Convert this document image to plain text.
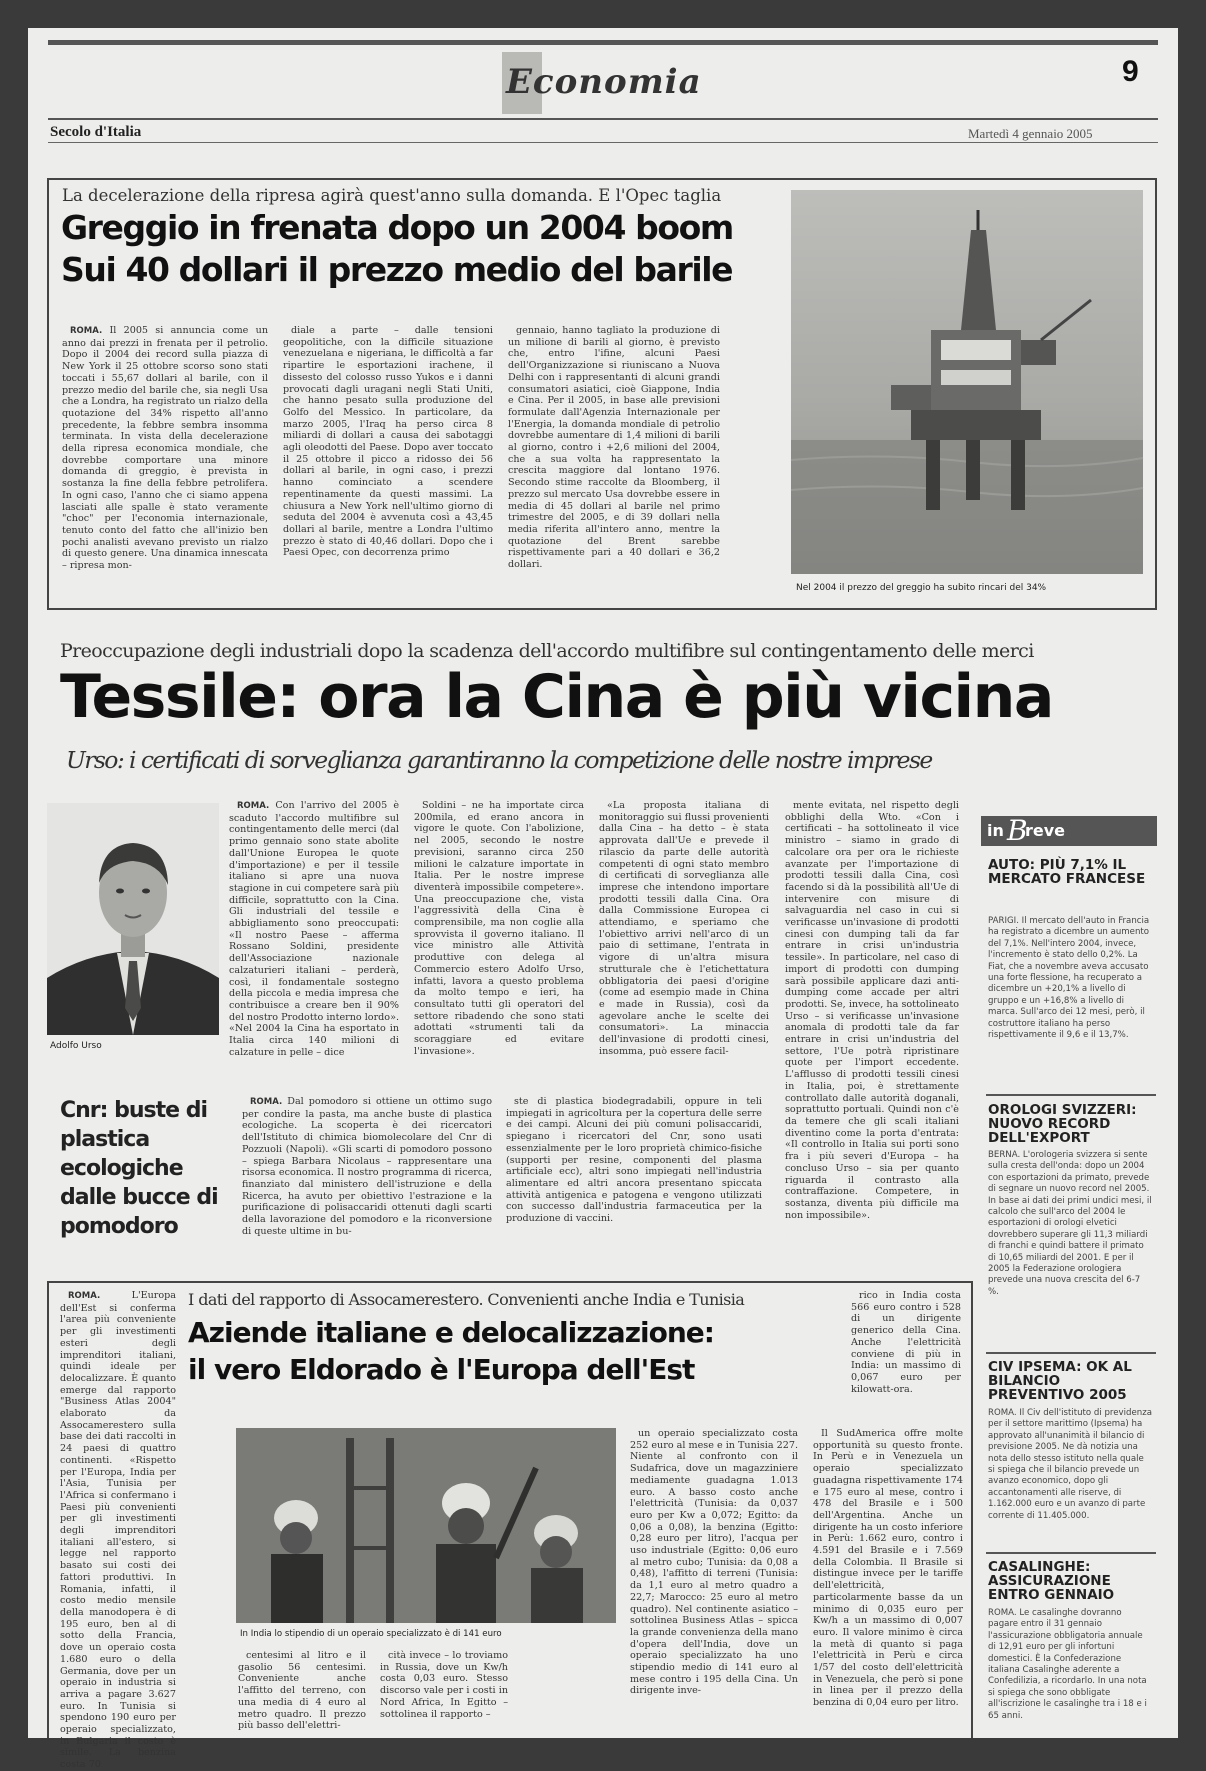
Economia	9
Secolo d'Italia	Martedì 4 gennaio 2005
La decelerazione della ripresa agirà quest'anno sulla domanda. E l'Opec taglia
Greggio in frenata dopo un 2004 boom
Sui 40 dollari il prezzo medio del barile

ROMA. Il 2005 si annuncia come un anno dai prezzi in frenata per il petrolio. Dopo il 2004 dei record sulla piazza di New York il 25 ottobre scorso sono stati toccati i 55,67 dollari al barile, con il prezzo medio del barile che, sia negli Usa che a Londra, ha registrato un rialzo della quotazione del 34% rispetto all'anno precedente, la febbre sembra insomma terminata. In vista della decelerazione della ripresa economica mondiale, che dovrebbe comportare una minore domanda di greggio, è prevista in sostanza la fine della febbre petrolifera. In ogni caso, l'anno che ci siamo appena lasciati alle spalle è stato veramente "choc" per l'economia internazionale, tenuto conto del fatto che all'inizio ben pochi analisti avevano previsto un rialzo di questo genere. Una dinamica innescata – ripresa mon-

diale a parte – dalle tensioni geopolitiche, con la difficile situazione venezuelana e nigeriana, le difficoltà a far ripartire le esportazioni irachene, il dissesto del colosso russo Yukos e i danni provocati dagli uragani negli Stati Uniti, che hanno pesato sulla produzione del Golfo del Messico. In particolare, da marzo 2005, l'Iraq ha perso circa 8 miliardi di dollari a causa dei sabotaggi agli oleodotti del Paese. Dopo aver toccato il 25 ottobre il picco a ridosso dei 56 dollari al barile, in ogni caso, i prezzi hanno cominciato a scendere repentinamente da questi massimi. La chiusura a New York nell'ultimo giorno di seduta del 2004 è avvenuta così a 43,45 dollari al barile, mentre a Londra l'ultimo prezzo è stato di 40,46 dollari. Dopo che i Paesi Opec, con decorrenza primo

gennaio, hanno tagliato la produzione di un milione di barili al giorno, è previsto che, entro l'ifine, alcuni Paesi dell'Organizzazione si riuniscano a Nuova Delhi con i rappresentanti di alcuni grandi consumatori asiatici, cioè Giappone, India e Cina. Per il 2005, in base alle previsioni formulate dall'Agenzia Internazionale per l'Energia, la domanda mondiale di petrolio dovrebbe aumentare di 1,4 milioni di barili al giorno, contro i +2,6 milioni del 2004, che a sua volta ha rappresentato la crescita maggiore dal lontano 1976. Secondo stime raccolte da Bloomberg, il prezzo sul mercato Usa dovrebbe essere in media di 45 dollari al barile nel primo trimestre del 2005, e di 39 dollari nella media riferita all'intero anno, mentre la quotazione del Brent sarebbe rispettivamente pari a 40 dollari e 36,2 dollari.

Nel 2004 il prezzo del greggio ha subito rincari del 34%
Preoccupazione degli industriali dopo la scadenza dell'accordo multifibre sul contingentamento delle merci
Tessile: ora la Cina è più vicina
Urso: i certificati di sorveglianza garantiranno la competizione delle nostre imprese
Adolfo Urso

ROMA. Con l'arrivo del 2005 è scaduto l'accordo multifibre sul contingentamento delle merci (dal primo gennaio sono state abolite dall'Unione Europea le quote d'importazione) e per il tessile italiano si apre una nuova stagione in cui competere sarà più difficile, soprattutto con la Cina. Gli industriali del tessile e abbigliamento sono preoccupati: «Il nostro Paese – afferma Rossano Soldini, presidente dell'Associazione nazionale calzaturieri italiani – perderà, così, il fondamentale sostegno della piccola e media impresa che contribuisce a creare ben il 90% del nostro Prodotto interno lordo». «Nel 2004 la Cina ha esportato in Italia circa 140 milioni di calzature in pelle – dice

Soldini – ne ha importate circa 200mila, ed erano ancora in vigore le quote. Con l'abolizione, nel 2005, secondo le nostre previsioni, saranno circa 250 milioni le calzature importate in Italia. Per le nostre imprese diventerà impossibile competere». Una preoccupazione che, vista l'aggressività della Cina è comprensibile, ma non coglie alla sprovvista il governo italiano. Il vice ministro alle Attività produttive con delega al Commercio estero Adolfo Urso, infatti, lavora a questo problema da molto tempo e ieri, ha consultato tutti gli operatori del settore ribadendo che sono stati adottati «strumenti tali da scoraggiare ed evitare l'invasione».

«La proposta italiana di monitoraggio sui flussi provenienti dalla Cina – ha detto – è stata approvata dall'Ue e prevede il rilascio da parte delle autorità competenti di ogni stato membro di certificati di sorveglianza alle imprese che intendono importare prodotti tessili dalla Cina. Ora dalla Commissione Europea ci attendiamo, e speriamo che l'obiettivo arrivi nell'arco di un paio di settimane, l'entrata in vigore di un'altra misura strutturale che è l'etichettatura obbligatoria dei paesi d'origine (come ad esempio made in China e made in Russia), così da agevolare anche le scelte dei consumatori». La minaccia dell'invasione di prodotti cinesi, insomma, può essere facil-

mente evitata, nel rispetto degli obblighi della Wto. «Con i certificati – ha sottolineato il vice ministro – siamo in grado di calcolare ora per ora le richieste avanzate per l'importazione di prodotti tessili dalla Cina, così facendo si dà la possibilità all'Ue di intervenire con misure di salvaguardia nel caso in cui si verificasse un'invasione di prodotti cinesi con dumping tali da far entrare in crisi un'industria tessile». In particolare, nel caso di import di prodotti con dumping sarà possibile applicare dazi anti-dumping come accade per altri prodotti. Se, invece, ha sottolineato Urso – si verificasse un'invasione anomala di prodotti tale da far entrare in crisi un'industria del settore, l'Ue potrà ripristinare quote per l'import eccedente. L'afflusso di prodotti tessili cinesi in Italia, poi, è strettamente controllato dalle autorità doganali, soprattutto portuali. Quindi non c'è da temere che gli scali italiani diventino come la porta d'entrata: «Il controllo in Italia sui porti sono fra i più severi d'Europa – ha concluso Urso – sia per quanto riguarda il contrasto alla contraffazione. Competere, in sostanza, diventa più difficile ma non impossibile».

Cnr: buste di plastica ecologiche dalle bucce di pomodoro

ROMA. Dal pomodoro si ottiene un ottimo sugo per condire la pasta, ma anche buste di plastica ecologiche. La scoperta è dei ricercatori dell'Istituto di chimica biomolecolare del Cnr di Pozzuoli (Napoli). «Gli scarti di pomodoro possono – spiega Barbara Nicolaus – rappresentare una risorsa economica. Il nostro programma di ricerca, finanziato dal ministero dell'istruzione e della Ricerca, ha avuto per obiettivo l'estrazione e la purificazione di polisaccaridi ottenuti dagli scarti della lavorazione del pomodoro e la riconversione di queste ultime in bu-

ste di plastica biodegradabili, oppure in teli impiegati in agricoltura per la copertura delle serre e dei campi. Alcuni dei più comuni polisaccaridi, spiegano i ricercatori del Cnr, sono usati essenzialmente per le loro proprietà chimico-fisiche (supporti per resine, componenti del plasma artificiale ecc), altri sono impiegati nell'industria alimentare ed altri ancora presentano spiccata attività antigenica e patogena e vengono utilizzati con successo dall'industria farmaceutica per la produzione di vaccini.

ROMA.	L'Europa dell'Est si conferma l'area più conveniente per gli investimenti esteri degli imprenditori italiani, quindi ideale per delocalizzare. È quanto emerge dal rapporto "Business Atlas 2004" elaborato da Assocamerestero sulla base dei dati raccolti in 24 paesi di quattro continenti. «Rispetto per l'Europa, India per l'Asia, Tunisia per l'Africa si confermano i Paesi più convenienti per gli investimenti degli imprenditori italiani all'estero, si legge nel rapporto basato sui costi dei fattori produttivi. In Romania, infatti, il costo medio mensile della manodopera è di 195 euro, ben al di sotto della Francia, dove un operaio costa 1.680 euro o della Germania, dove per un operaio in industria si arriva a pagare 3.627 euro. In Tunisia si spendono 190 euro per operaio specializzato, in Bulgaria il costo è simile. La benzina costa 70

I dati del rapporto di Assocamerestero. Convenienti anche India e Tunisia
Aziende italiane e delocalizzazione:
il vero Eldorado è l'Europa dell'Est

rico in India costa 566 euro contro i 528 di un dirigente generico della Cina. Anche l'elettricità conviene di più in India: un massimo di 0,067 euro per kilowatt-ora.

In India lo stipendio di un operaio specializzato è di 141 euro

centesimi al litro e il gasolio 56 centesimi. Conveniente anche l'affitto del terreno, con una media di 4 euro al metro quadro. Il prezzo più basso dell'elettri-

cità invece – lo troviamo in Russia, dove un Kw/h costa 0,03 euro. Stesso discorso vale per i costi in Nord Africa, In Egitto – sottolinea il rapporto –

un operaio specializzato costa 252 euro al mese e in Tunisia 227. Niente al confronto con il Sudafrica, dove un magazziniere mediamente guadagna 1.013 euro. A basso costo anche l'elettricità (Tunisia: da 0,037 euro per Kw a 0,072; Egitto: da 0,06 a 0,08), la benzina (Egitto: 0,28 euro per litro), l'acqua per uso industriale (Egitto: 0,06 euro al metro cubo; Tunisia: da 0,08 a 0,48), l'affitto di terreni (Tunisia: da 1,1 euro al metro quadro a 22,7; Marocco: 25 euro al metro quadro). Nel continente asiatico – sottolinea Business Atlas – spicca la grande convenienza della mano d'opera dell'India, dove un operaio specializzato ha uno stipendio medio di 141 euro al mese contro i 195 della Cina. Un dirigente inve-

Il SudAmerica offre molte opportunità su questo fronte. In Perù e in Venezuela un operaio specializzato guadagna rispettivamente 174 e 175 euro al mese, contro i 478 del Brasile e i 500 dell'Argentina. Anche un dirigente ha un costo inferiore in Perù: 1.662 euro, contro i 4.591 del Brasile e i 7.569 della Colombia. Il Brasile si distingue invece per le tariffe dell'elettricità, particolarmente basse da un minimo di 0,035 euro per Kw/h a un massimo di 0,007 euro. Il valore minimo è circa la metà di quanto si paga l'elettricità in Perù e circa 1/57 del costo dell'elettricità in Venezuela, che però si pone in linea per il prezzo della benzina di 0,04 euro per litro.

in B
reve
AUTO: PIÙ 7,1% IL MERCATO FRANCESE
PARIGI. Il mercato dell'auto in Francia ha registrato a dicembre un aumento del 7,1%. Nell'intero 2004, invece, l'incremento è stato dello 0,2%. La Fiat, che a novembre aveva accusato una forte flessione, ha recuperato a dicembre un +20,1% a livello di gruppo e un +16,8% a livello di marca. Sull'arco dei 12 mesi, però, il costruttore italiano ha perso rispettivamente il 9,6 e il 13,7%.
OROLOGI SVIZZERI: NUOVO RECORD DELL'EXPORT
BERNA. L'orologeria svizzera si sente sulla cresta dell'onda: dopo un 2004 con esportazioni da primato, prevede di segnare un nuovo record nel 2005. In base ai dati dei primi undici mesi, il calcolo che sull'arco del 2004 le esportazioni di orologi elvetici dovrebbero superare gli 11,3 miliardi di franchi e quindi battere il primato di 10,65 miliardi del 2001. E per il 2005 la Federazione orologiera prevede una nuova crescita del 6-7 %.
CIV IPSEMA: OK AL BILANCIO PREVENTIVO 2005
ROMA. Il Civ dell'istituto di previdenza per il settore marittimo (Ipsema) ha approvato all'unanimità il bilancio di previsione 2005. Ne dà notizia una nota dello stesso istituto nella quale si spiega che il bilancio prevede un avanzo economico, dopo gli accantonamenti alle riserve, di 1.162.000 euro e un avanzo di parte corrente di 11.405.000.
CASALINGHE: ASSICURAZIONE ENTRO GENNAIO
ROMA. Le casalinghe dovranno pagare entro il 31 gennaio l'assicurazione obbligatoria annuale di 12,91 euro per gli infortuni domestici. È la Confederazione italiana Casalinghe aderente a Confedilizia, a ricordarlo. In una nota si spiega che sono obbligate all'iscrizione le casalinghe tra i 18 e i 65 anni.
